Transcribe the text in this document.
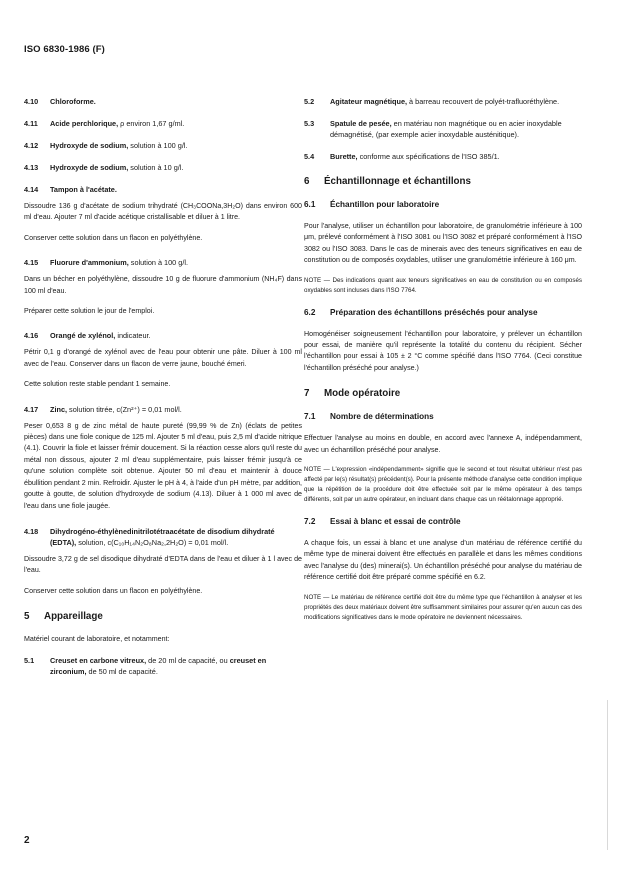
ISO 6830-1986 (F)
4.10 Chloroforme.
4.11 Acide perchlorique, ρ environ 1,67 g/ml.
4.12 Hydroxyde de sodium, solution à 100 g/l.
4.13 Hydroxyde de sodium, solution à 10 g/l.
4.14 Tampon à l'acétate.

Dissoudre 136 g d'acétate de sodium trihydraté (CH₃COONa,3H₂O) dans environ 600 ml d'eau. Ajouter 7 ml d'acide acétique cristallisable et diluer à 1 litre.

Conserver cette solution dans un flacon en polyéthylène.

4.15 Fluorure d'ammonium, solution à 100 g/l.

Dans un bécher en polyéthylène, dissoudre 10 g de fluorure d'ammonium (NH₄F) dans 100 ml d'eau.

Préparer cette solution le jour de l'emploi.

4.16 Orangé de xylénol, indicateur.

Pétrir 0,1 g d'orangé de xylénol avec de l'eau pour obtenir une pâte. Diluer à 100 ml avec de l'eau. Conserver dans un flacon de verre jaune, bouché émeri.

Cette solution reste stable pendant 1 semaine.

4.17 Zinc, solution titrée, c(Zn²⁺) = 0,01 mol/l.

Peser 0,653 8 g de zinc métal de haute pureté (99,99 % de Zn) (éclats de petites pièces) dans une fiole conique de 125 ml. Ajouter 5 ml d'eau, puis 2,5 ml d'acide nitrique (4.1). Couvrir la fiole et laisser frémir doucement. Si la réaction cesse alors qu'il reste du métal non dissous, ajouter 2 ml d'eau supplémentaire, puis laisser frémir jusqu'à ce qu'une solution complète soit obtenue. Ajouter 50 ml d'eau et maintenir à douce ébullition pendant 2 min. Refroidir. Ajuster le pH à 4, à l'aide d'un pH mètre, par addition, goutte à goutte, de solution d'hydroxyde de sodium (4.13). Diluer à 1 000 ml avec de l'eau dans une fiole jaugée.

4.18 Dihydrogéno-éthylènedinitrilotétraacétate de disodium dihydraté (EDTA), solution, c(C₁₀H₁₄N₂O₈Na₂,2H₂O) = 0,01 mol/l.

Dissoudre 3,72 g de sel disodique dihydraté d'EDTA dans de l'eau et diluer à 1 l avec de l'eau.

Conserver cette solution dans un flacon en polyéthylène.

5 Appareillage

Matériel courant de laboratoire, et notamment:

5.1 Creuset en carbone vitreux, de 20 ml de capacité, ou creuset en zirconium, de 50 ml de capacité.
5.2 Agitateur magnétique, à barreau recouvert de polyét-trafluoréthylène.
5.3 Spatule de pesée, en matériau non magnétique ou en acier inoxydable démagnétisé, (par exemple acier inoxydable austénitique).
5.4 Burette, conforme aux spécifications de l'ISO 385/1.
6 Échantillonnage et échantillons
6.1 Échantillon pour laboratoire

Pour l'analyse, utiliser un échantillon pour laboratoire, de granulométrie inférieure à 100 μm, prélevé conformément à l'ISO 3081 ou l'ISO 3082 et préparé conformément à l'ISO 3082 ou l'ISO 3083. Dans le cas de minerais avec des teneurs significatives en eau de constitution ou de composés oxydables, utiliser une granulométrie inférieure à 160 μm.

NOTE — Des indications quant aux teneurs significatives en eau de constitution ou en composés oxydables sont incluses dans l'ISO 7764.

6.2 Préparation des échantillons préséchés pour analyse

Homogénéiser soigneusement l'échantillon pour laboratoire, y prélever un échantillon pour essai, de manière qu'il représente la totalité du contenu du récipient. Sécher l'échantillon pour essai à 105 ± 2 °C comme spécifié dans l'ISO 7764. (Ceci constitue l'échantillon préséché pour analyse.)

7 Mode opératoire
7.1 Nombre de déterminations

Effectuer l'analyse au moins en double, en accord avec l'annexe A, indépendamment, avec un échantillon préséché pour analyse.

NOTE — L'expression «indépendamment» signifie que le second et tout résultat ultérieur n'est pas affecté par le(s) résultat(s) précédent(s). Pour la présente méthode d'analyse cette condition implique que la répétition de la procédure doit être effectuée soit par le même opérateur à des temps différents, soit par un autre opérateur, en incluant dans chaque cas un réétalonnage approprié.

7.2 Essai à blanc et essai de contrôle

A chaque fois, un essai à blanc et une analyse d'un matériau de référence certifié du même type de minerai doivent être effectués en parallèle et dans les mêmes conditions avec l'analyse du (des) minerai(s). Un échantillon préséché pour analyse du matériau de référence certifié doit être préparé comme spécifié en 6.2.

NOTE — Le matériau de référence certifié doit être du même type que l'échantillon à analyser et les propriétés des deux matériaux doivent être suffisamment similaires pour assurer qu'en aucun cas des modifications significatives dans le mode opératoire ne deviennent nécessaires.

2
